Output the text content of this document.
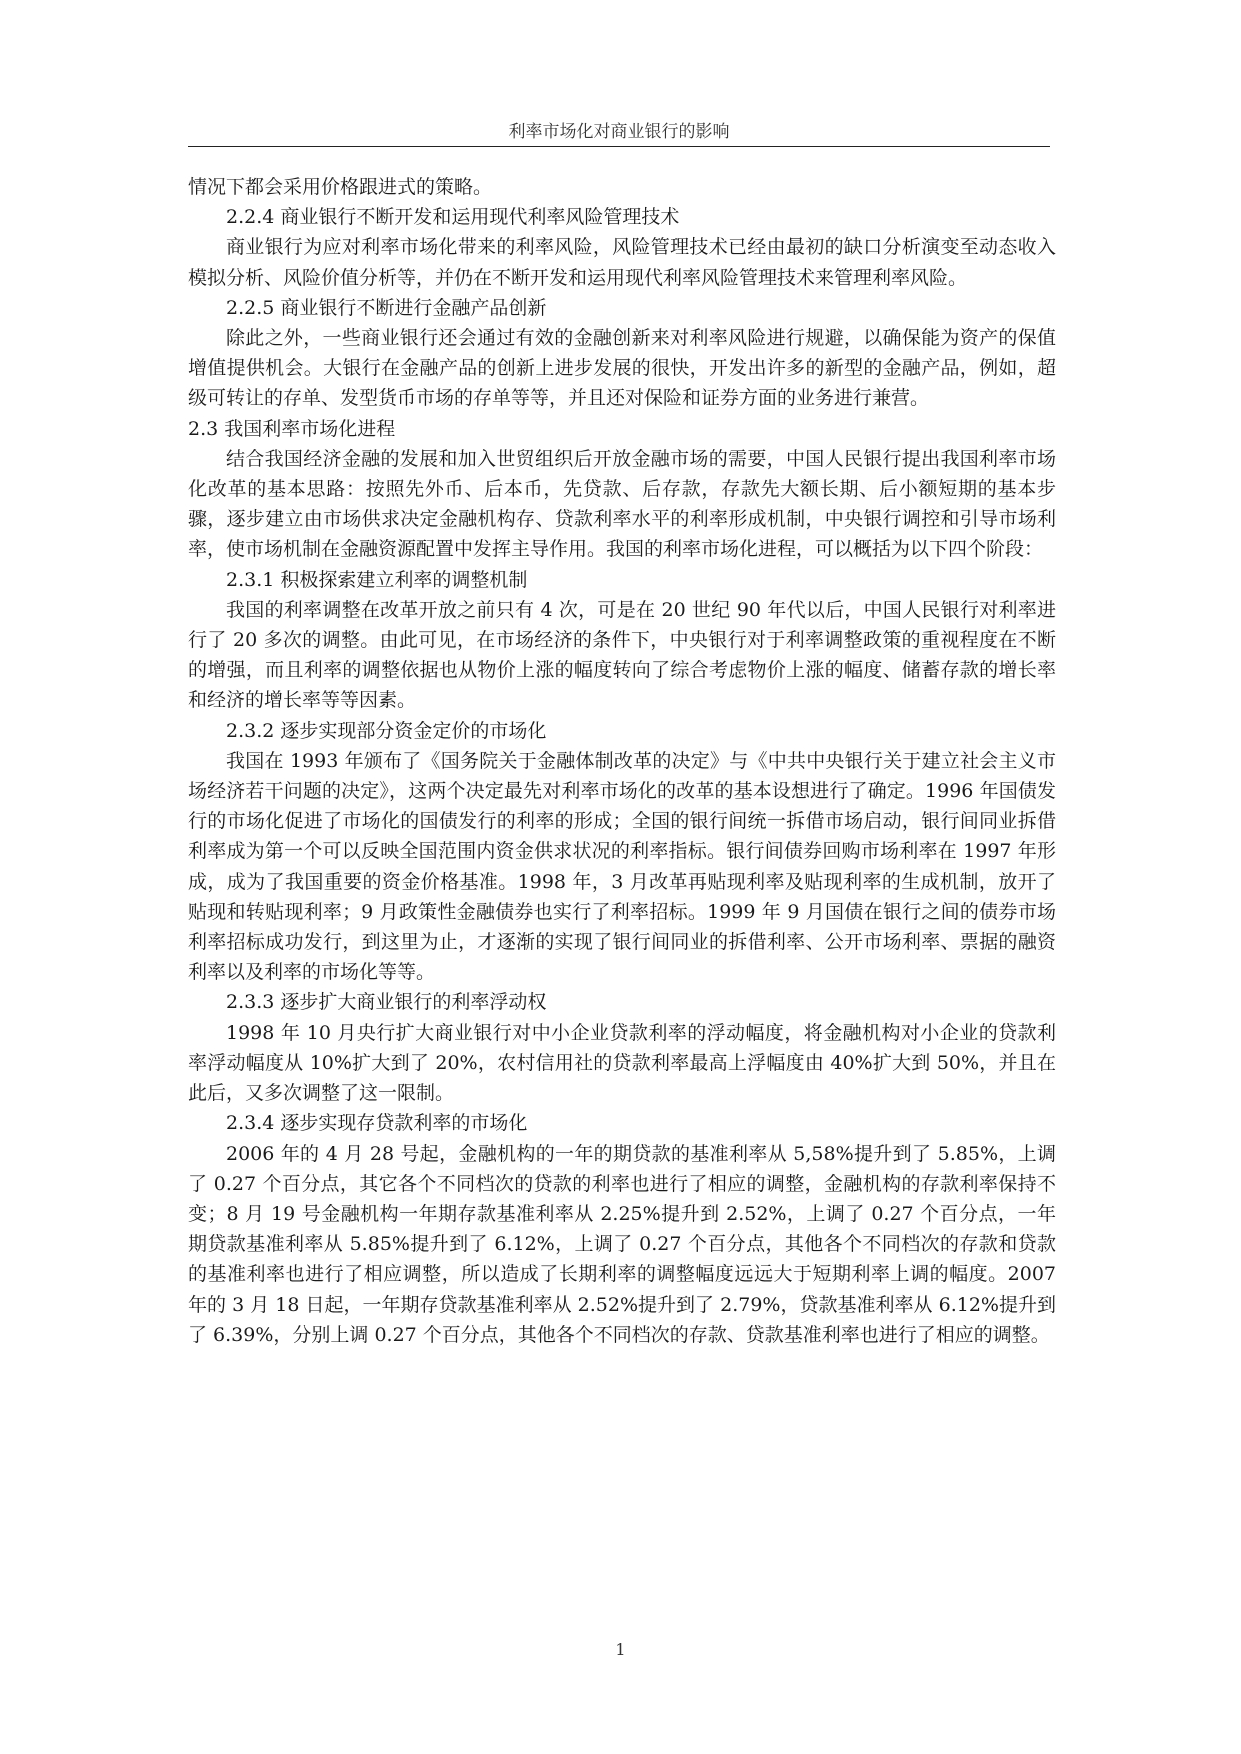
利率市场化对商业银行的影响

情况下都会采用价格跟进式的策略。

2.2.4 商业银行不断开发和运用现代利率风险管理技术

商业银行为应对利率市场化带来的利率风险，风险管理技术已经由最初的缺口分析演变至动态收入模拟分析、风险价值分析等，并仍在不断开发和运用现代利率风险管理技术来管理利率风险。

2.2.5 商业银行不断进行金融产品创新

除此之外，一些商业银行还会通过有效的金融创新来对利率风险进行规避，以确保能为资产的保值增值提供机会。大银行在金融产品的创新上进步发展的很快，开发出许多的新型的金融产品，例如，超级可转让的存单、发型货币市场的存单等等，并且还对保险和证券方面的业务进行兼营。

2.3 我国利率市场化进程

结合我国经济金融的发展和加入世贸组织后开放金融市场的需要，中国人民银行提出我国利率市场化改革的基本思路：按照先外币、后本币，先贷款、后存款，存款先大额长期、后小额短期的基本步骤，逐步建立由市场供求决定金融机构存、贷款利率水平的利率形成机制，中央银行调控和引导市场利率，使市场机制在金融资源配置中发挥主导作用。我国的利率市场化进程，可以概括为以下四个阶段：

2.3.1 积极探索建立利率的调整机制

我国的利率调整在改革开放之前只有 4 次，可是在 20 世纪 90 年代以后，中国人民银行对利率进行了 20 多次的调整。由此可见，在市场经济的条件下，中央银行对于利率调整政策的重视程度在不断的增强，而且利率的调整依据也从物价上涨的幅度转向了综合考虑物价上涨的幅度、储蓄存款的增长率和经济的增长率等等因素。

2.3.2 逐步实现部分资金定价的市场化

我国在 1993 年颁布了《国务院关于金融体制改革的决定》与《中共中央银行关于建立社会主义市场经济若干问题的决定》，这两个决定最先对利率市场化的改革的基本设想进行了确定。1996 年国债发行的市场化促进了市场化的国债发行的利率的形成；全国的银行间统一拆借市场启动，银行间同业拆借利率成为第一个可以反映全国范围内资金供求状况的利率指标。银行间债券回购市场利率在 1997 年形成，成为了我国重要的资金价格基准。1998 年，3 月改革再贴现利率及贴现利率的生成机制，放开了贴现和转贴现利率；9 月政策性金融债券也实行了利率招标。1999 年 9 月国债在银行之间的债券市场利率招标成功发行，到这里为止，才逐渐的实现了银行间同业的拆借利率、公开市场利率、票据的融资利率以及利率的市场化等等。

2.3.3 逐步扩大商业银行的利率浮动权

1998 年 10 月央行扩大商业银行对中小企业贷款利率的浮动幅度，将金融机构对小企业的贷款利率浮动幅度从 10%扩大到了 20%，农村信用社的贷款利率最高上浮幅度由 40%扩大到 50%，并且在此后，又多次调整了这一限制。

2.3.4 逐步实现存贷款利率的市场化

2006 年的 4 月 28 号起，金融机构的一年的期贷款的基准利率从 5,58%提升到了 5.85%，上调了 0.27 个百分点，其它各个不同档次的贷款的利率也进行了相应的调整，金融机构的存款利率保持不变；8 月 19 号金融机构一年期存款基准利率从 2.25%提升到 2.52%，上调了 0.27 个百分点，一年期贷款基准利率从 5.85%提升到了 6.12%，上调了 0.27 个百分点，其他各个不同档次的存款和贷款的基准利率也进行了相应调整，所以造成了长期利率的调整幅度远远大于短期利率上调的幅度。2007 年的 3 月 18 日起，一年期存贷款基准利率从 2.52%提升到了 2.79%，贷款基准利率从 6.12%提升到了 6.39%，分别上调 0.27 个百分点，其他各个不同档次的存款、贷款基准利率也进行了相应的调整。

1
